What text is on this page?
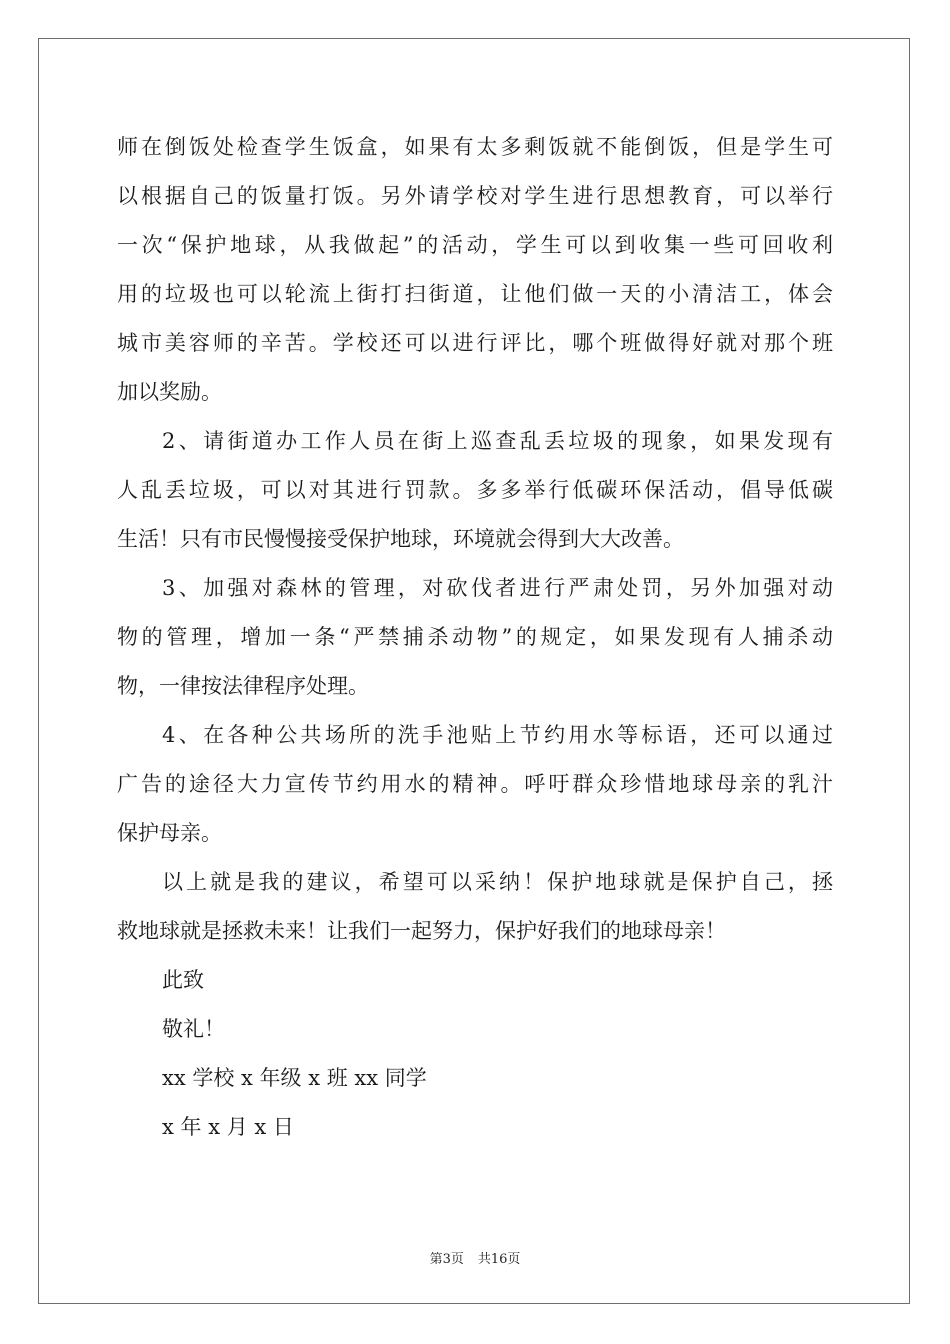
师在倒饭处检查学生饭盒，如果有太多剩饭就不能倒饭，但是学生可
以根据自己的饭量打饭。另外请学校对学生进行思想教育，可以举行
一次“保护地球，从我做起”的活动，学生可以到收集一些可回收利
用的垃圾也可以轮流上街打扫街道，让他们做一天的小清洁工，体会
城市美容师的辛苦。学校还可以进行评比，哪个班做得好就对那个班
加以奖励。
2、请街道办工作人员在街上巡查乱丢垃圾的现象，如果发现有
人乱丢垃圾，可以对其进行罚款。多多举行低碳环保活动，倡导低碳
生活！只有市民慢慢接受保护地球，环境就会得到大大改善。
3、加强对森林的管理，对砍伐者进行严肃处罚，另外加强对动
物的管理，增加一条“严禁捕杀动物”的规定，如果发现有人捕杀动
物，一律按法律程序处理。
4、在各种公共场所的洗手池贴上节约用水等标语，还可以通过
广告的途径大力宣传节约用水的精神。呼吁群众珍惜地球母亲的乳汁
保护母亲。
以上就是我的建议，希望可以采纳！保护地球就是保护自己，拯
救地球就是拯救未来！让我们一起努力，保护好我们的地球母亲！
此致
敬礼！
xx 学校 x 年级 x 班 xx 同学
x 年 x 月 x 日
第3页 共16页
